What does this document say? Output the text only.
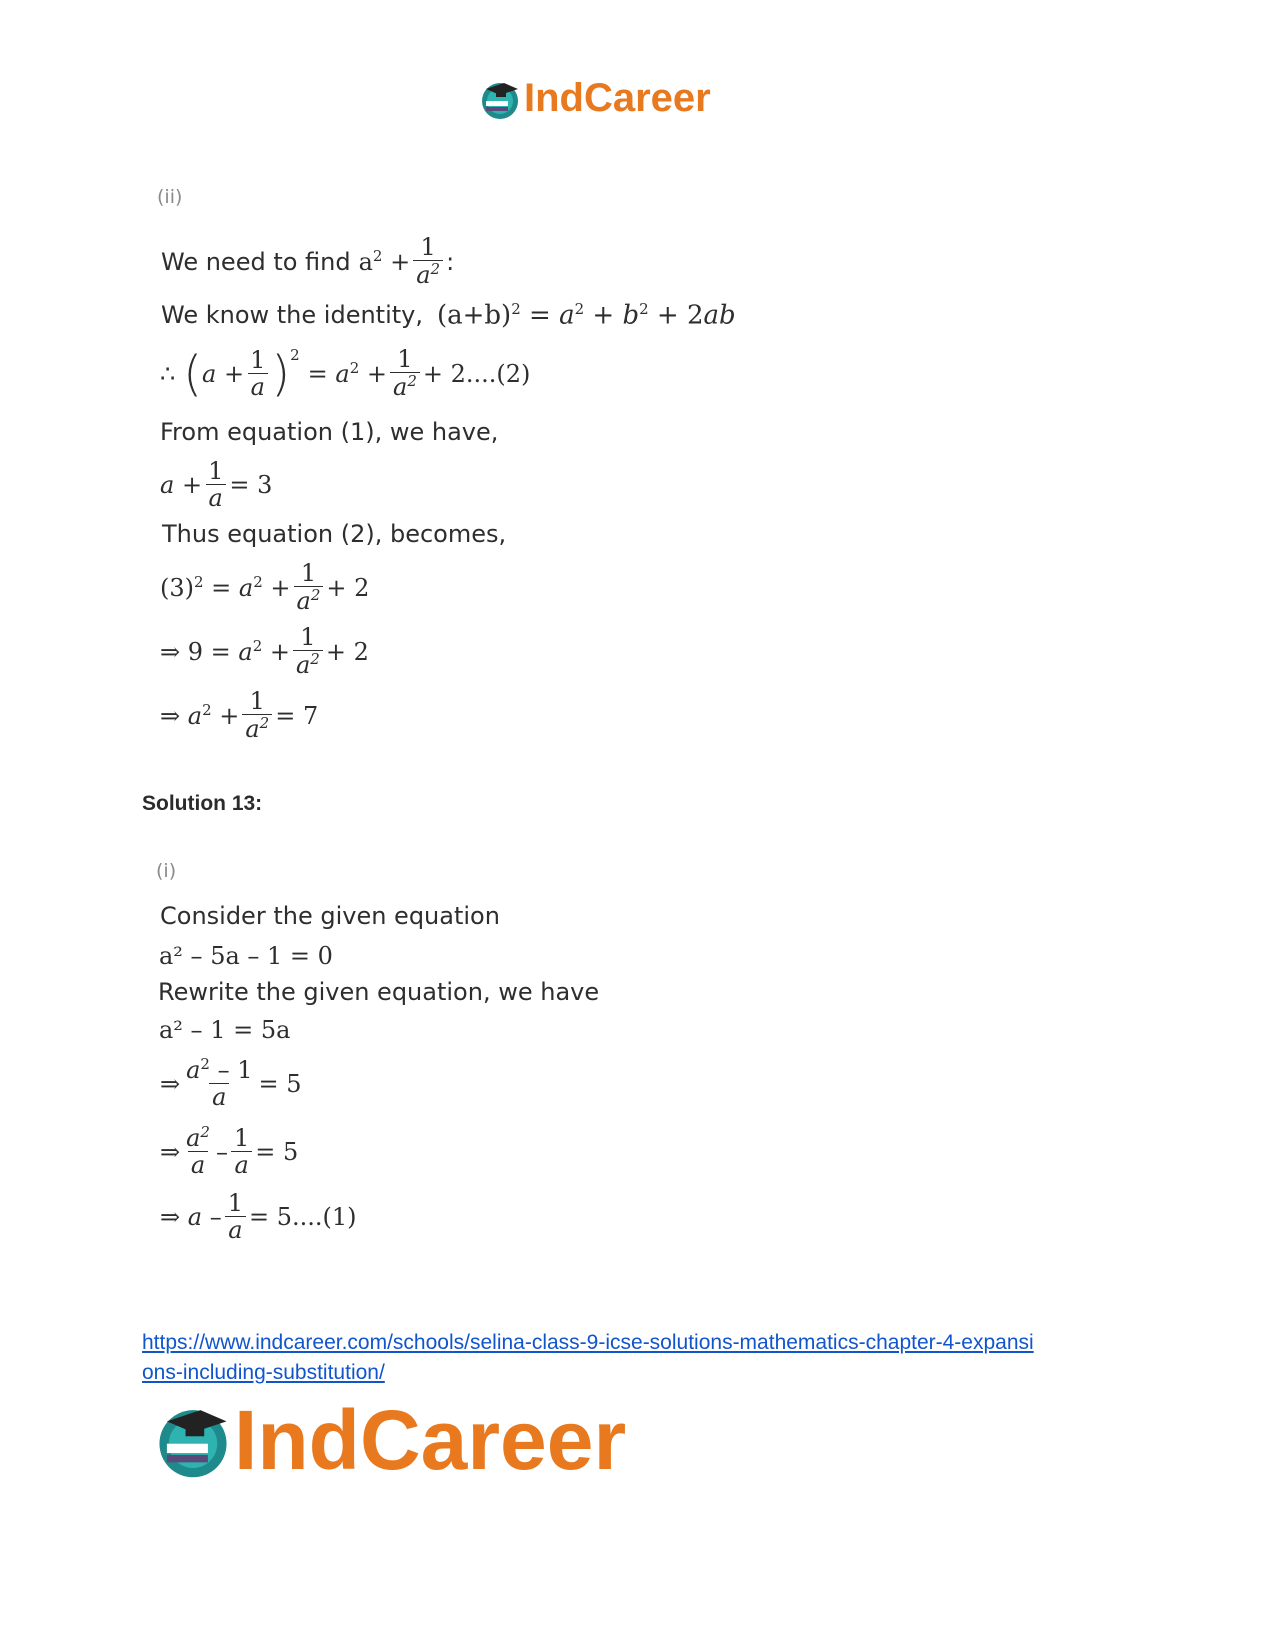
IndCareer
(ii)
We need to find $a^2 + \frac{1}{a^2}$ :
We know the identity, $(a+b)^2 = a^2 + b^2 + 2ab$
∴ ( $a + \frac{1}{a} )^2$
= $a^2 + \frac{1}{a^2} + 2....(2)$
From equation (1), we have,
$a + \frac{1}{a} = 3$
Thus equation (2), becomes,
$(3)^2 = a^2 + \frac{1}{a^2} + 2$
⇒ $9 = a^2 + \frac{1}{a^2} + 2$
⇒ $a^2 + \frac{1}{a^2} = 7$
Solution 13:
(i)
Consider the given equation
a² – 5a – 1 = 0
Rewrite the given equation, we have
a² – 1 = 5a
⇒ $\frac{a^2 - 1}{a} = 5$
⇒ $\frac{a^2}{a} - \frac{1}{a} = 5$
⇒ $a - \frac{1}{a} = 5....(1)$
https://www.indcareer.com/schools/selina-class-9-icse-solutions-mathematics-chapter-4-expansi
ons-including-substitution/
IndCareer
